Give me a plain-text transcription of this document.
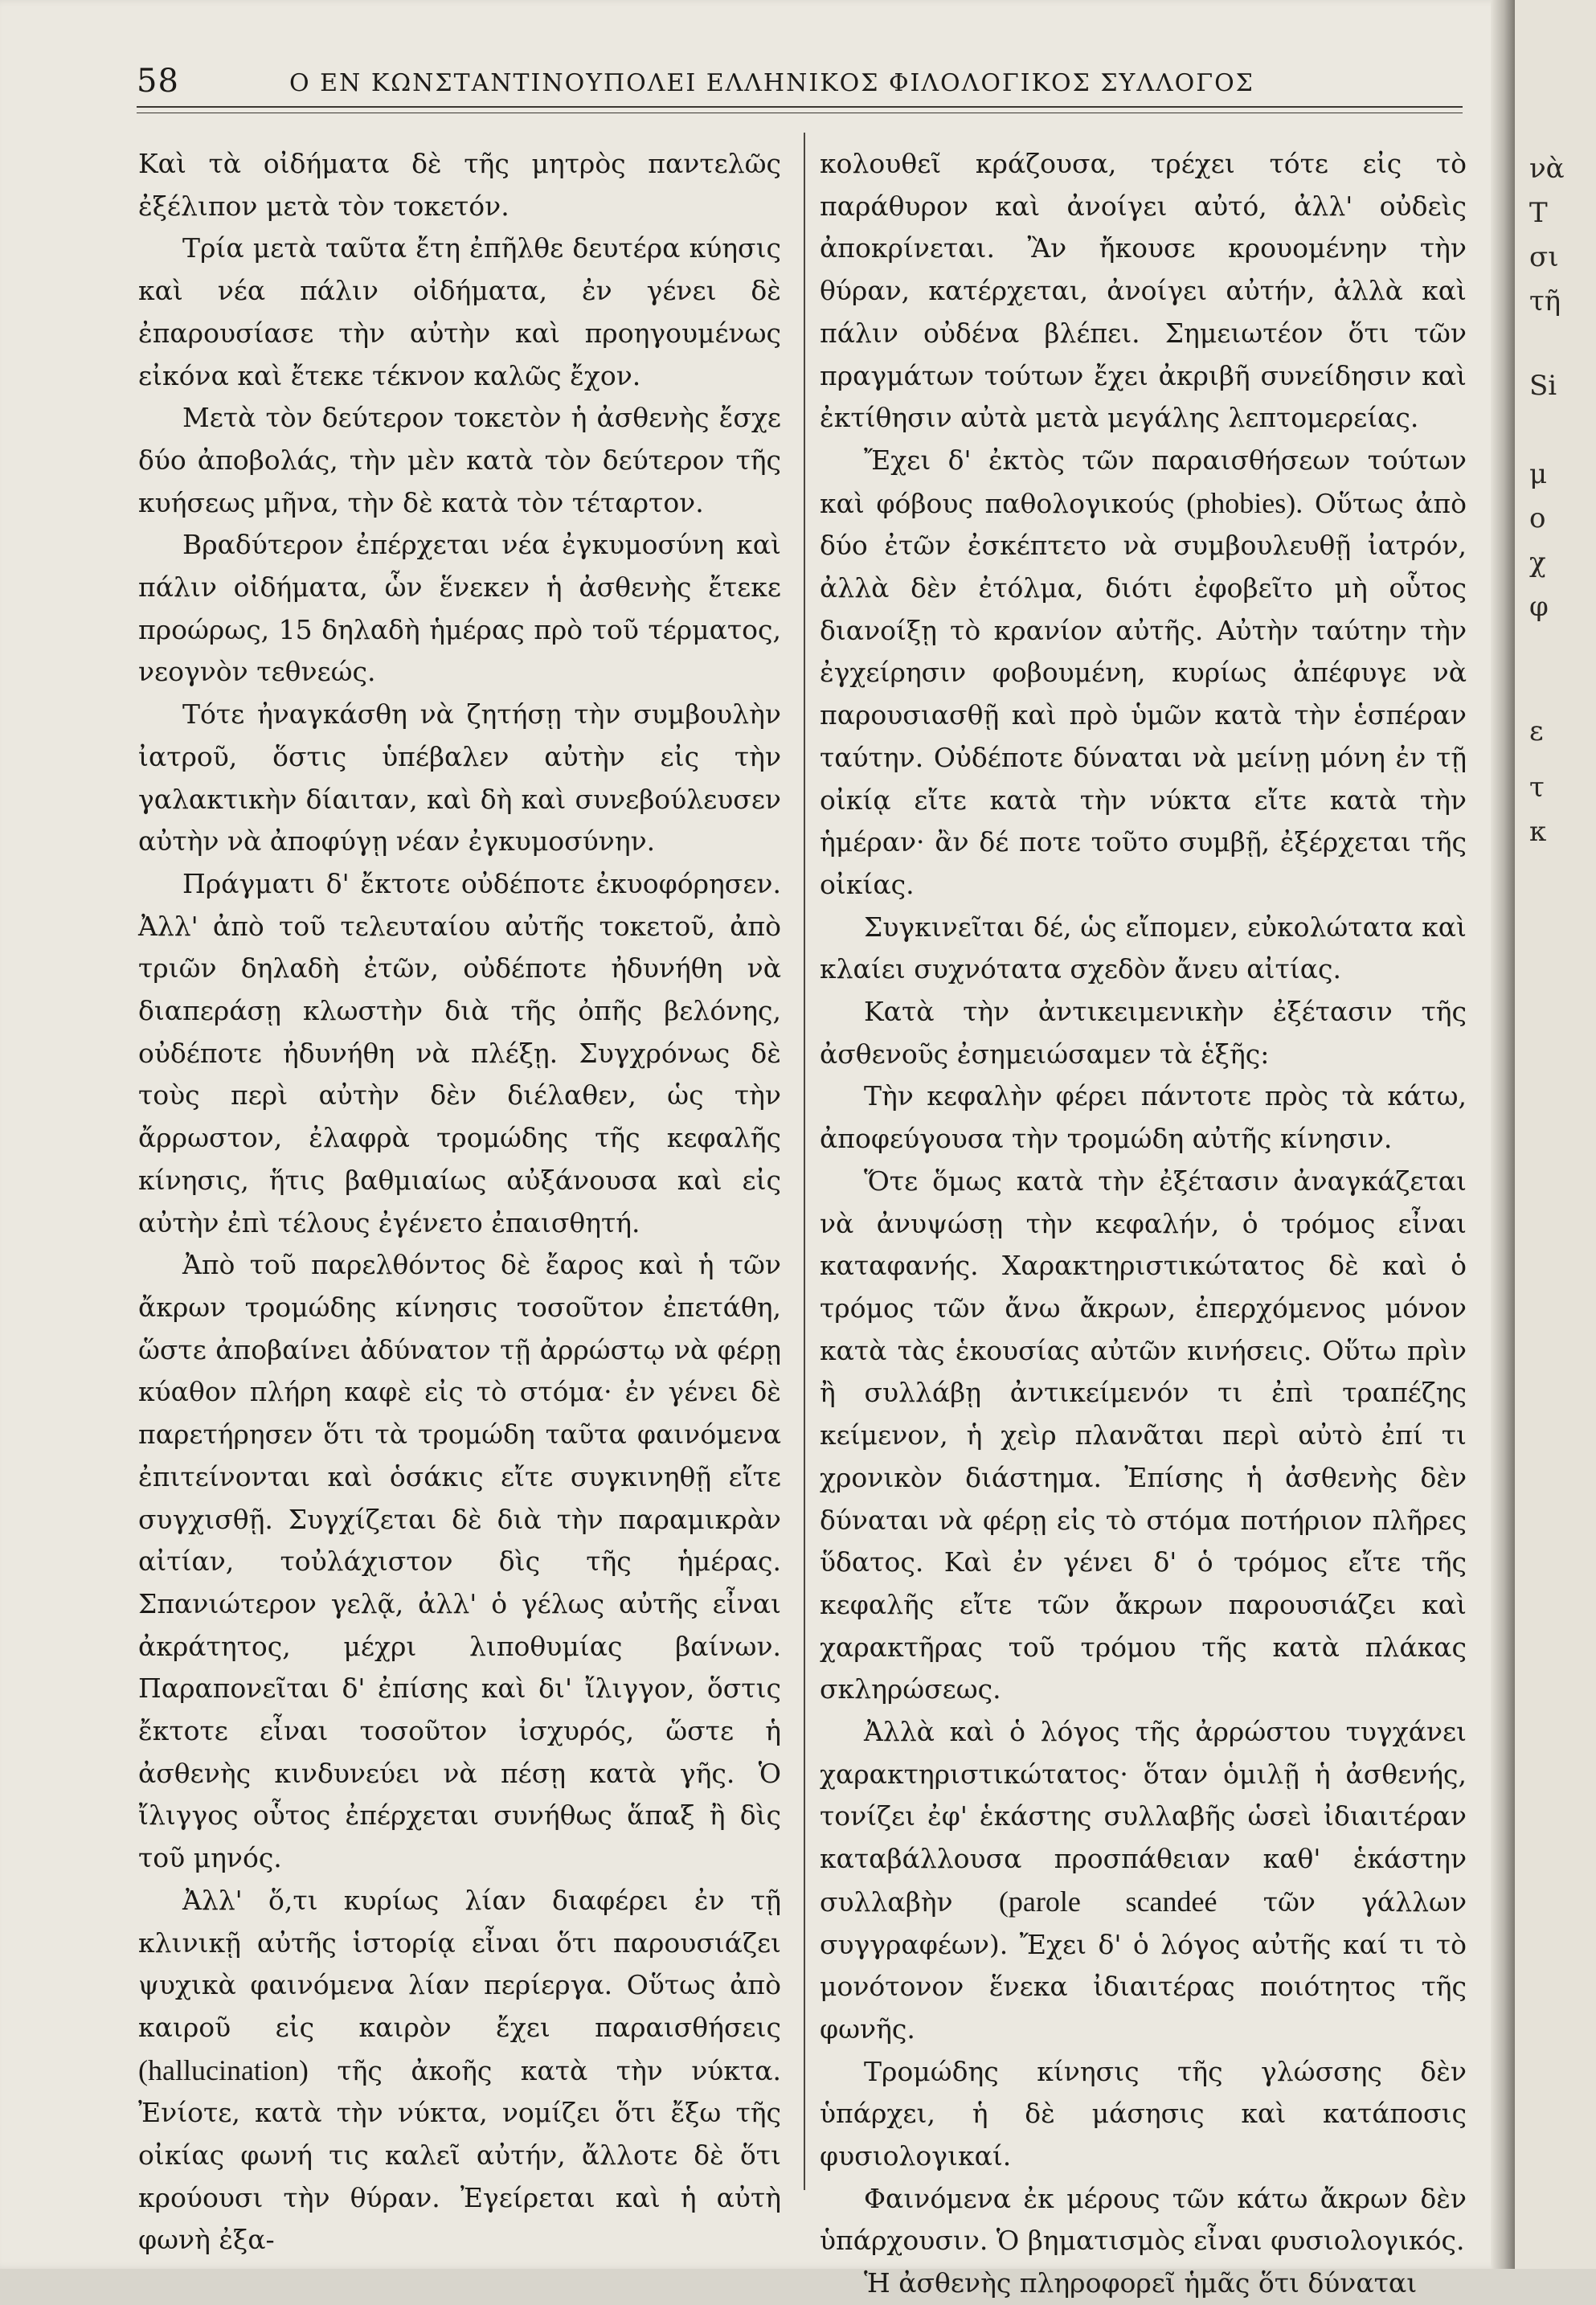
58	Ο ΕΝ ΚΩΝΣΤΑΝΤΙΝΟΥΠΟΛΕΙ ΕΛΛΗΝΙΚΟΣ ΦΙΛΟΛΟΓΙΚΟΣ ΣΥΛΛΟΓΟΣ

Καὶ τὰ οἰδήματα δὲ τῆς μητρὸς παντελῶς ἐξέλιπον μετὰ τὸν τοκετόν.

Τρία μετὰ ταῦτα ἔτη ἐπῆλθε δευτέρα κύησις καὶ νέα πάλιν οἰδήματα, ἐν γένει δὲ ἐπαρουσίασε τὴν αὐτὴν καὶ προηγουμένως εἰκόνα καὶ ἔτεκε τέκνον καλῶς ἔχον.

Μετὰ τὸν δεύτερον τοκετὸν ἡ ἀσθενὴς ἔσχε δύο ἀποβολάς, τὴν μὲν κατὰ τὸν δεύτερον τῆς κυήσεως μῆνα, τὴν δὲ κατὰ τὸν τέταρτον.

Βραδύτερον ἐπέρχεται νέα ἐγκυμοσύνη καὶ πάλιν οἰδήματα, ὧν ἕνεκεν ἡ ἀσθενὴς ἔτεκε προώρως, 15 δηλαδὴ ἡμέρας πρὸ τοῦ τέρματος, νεογνὸν τεθνεώς.

Τότε ἠναγκάσθη νὰ ζητήσῃ τὴν συμβουλὴν ἰατροῦ, ὅστις ὑπέβαλεν αὐτὴν εἰς τὴν γαλακτικὴν δίαιταν, καὶ δὴ καὶ συνεβούλευσεν αὐτὴν νὰ ἀποφύγῃ νέαν ἐγκυμοσύνην.

Πράγματι δ' ἔκτοτε οὐδέποτε ἐκυοφόρησεν. Ἀλλ' ἀπὸ τοῦ τελευταίου αὐτῆς τοκετοῦ, ἀπὸ τριῶν δηλαδὴ ἐτῶν, οὐδέποτε ἠδυνήθη νὰ διαπεράσῃ κλωστὴν διὰ τῆς ὀπῆς βελόνης, οὐδέποτε ἠδυνήθη νὰ πλέξῃ. Συγχρόνως δὲ τοὺς περὶ αὐτὴν δὲν διέλαθεν, ὡς τὴν ἄρρωστον, ἐλαφρὰ τρομώδης τῆς κεφαλῆς κίνησις, ἥτις βαθμιαίως αὐξάνουσα καὶ εἰς αὐτὴν ἐπὶ τέλους ἐγένετο ἐπαισθητή.

Ἀπὸ τοῦ παρελθόντος δὲ ἔαρος καὶ ἡ τῶν ἄκρων τρομώδης κίνησις τοσοῦτον ἐπετάθη, ὥστε ἀποβαίνει ἀδύνατον τῇ ἀρρώστῳ νὰ φέρῃ κύαθον πλήρη καφὲ εἰς τὸ στόμα· ἐν γένει δὲ παρετήρησεν ὅτι τὰ τρομώδη ταῦτα φαινόμενα ἐπιτείνονται καὶ ὁσάκις εἴτε συγκινηθῇ εἴτε συγχισθῇ. Συγχίζεται δὲ διὰ τὴν παραμικρὰν αἰτίαν, τοὐλάχιστον δὶς τῆς ἡμέρας. Σπανιώτερον γελᾷ, ἀλλ' ὁ γέλως αὐτῆς εἶναι ἀκράτητος, μέχρι λιποθυμίας βαίνων. Παραπονεῖται δ' ἐπίσης καὶ δι' ἴλιγγον, ὅστις ἔκτοτε εἶναι τοσοῦτον ἰσχυρός, ὥστε ἡ ἀσθενὴς κινδυνεύει νὰ πέσῃ κατὰ γῆς. Ὁ ἴλιγγος οὗτος ἐπέρχεται συνήθως ἅπαξ ἢ δὶς τοῦ μηνός.

Ἀλλ' ὅ,τι κυρίως λίαν διαφέρει ἐν τῇ κλινικῇ αὐτῆς ἱστορίᾳ εἶναι ὅτι παρουσιάζει ψυχικὰ φαινόμενα λίαν περίεργα. Οὕτως ἀπὸ καιροῦ εἰς καιρὸν ἔχει παραισθήσεις (hallucination) τῆς ἀκοῆς κατὰ τὴν νύκτα. Ἐνίοτε, κατὰ τὴν νύκτα, νομίζει ὅτι ἔξω τῆς οἰκίας φωνή τις καλεῖ αὐτήν, ἄλλοτε δὲ ὅτι κρούουσι τὴν θύραν. Ἐγείρεται καὶ ἡ αὐτὴ φωνὴ ἐξα-

κολουθεῖ κράζουσα, τρέχει τότε εἰς τὸ παράθυρον καὶ ἀνοίγει αὐτό, ἀλλ' οὐδεὶς ἀποκρίνεται. Ἂν ἤκουσε κρουομένην τὴν θύραν, κατέρχεται, ἀνοίγει αὐτήν, ἀλλὰ καὶ πάλιν οὐδένα βλέπει. Σημειωτέον ὅτι τῶν πραγμάτων τούτων ἔχει ἀκριβῆ συνείδησιν καὶ ἐκτίθησιν αὐτὰ μετὰ μεγάλης λεπτομερείας.

Ἔχει δ' ἐκτὸς τῶν παραισθήσεων τούτων καὶ φόβους παθολογικούς (phobies). Οὕτως ἀπὸ δύο ἐτῶν ἐσκέπτετο νὰ συμβουλευθῇ ἰατρόν, ἀλλὰ δὲν ἐτόλμα, διότι ἐφοβεῖτο μὴ οὗτος διανοίξῃ τὸ κρανίον αὐτῆς. Αὐτὴν ταύτην τὴν ἐγχείρησιν φοβουμένη, κυρίως ἀπέφυγε νὰ παρουσιασθῇ καὶ πρὸ ὑμῶν κατὰ τὴν ἑσπέραν ταύτην. Οὐδέποτε δύναται νὰ μείνῃ μόνη ἐν τῇ οἰκίᾳ εἴτε κατὰ τὴν νύκτα εἴτε κατὰ τὴν ἡμέραν· ἂν δέ ποτε τοῦτο συμβῇ, ἐξέρχεται τῆς οἰκίας.

Συγκινεῖται δέ, ὡς εἴπομεν, εὐκολώτατα καὶ κλαίει συχνότατα σχεδὸν ἄνευ αἰτίας.

Κατὰ τὴν ἀντικειμενικὴν ἐξέτασιν τῆς ἀσθενοῦς ἐσημειώσαμεν τὰ ἑξῆς:

Τὴν κεφαλὴν φέρει πάντοτε πρὸς τὰ κάτω, ἀποφεύγουσα τὴν τρομώδη αὐτῆς κίνησιν.

Ὅτε ὅμως κατὰ τὴν ἐξέτασιν ἀναγκάζεται νὰ ἀνυψώσῃ τὴν κεφαλήν, ὁ τρόμος εἶναι καταφανής. Χαρακτηριστικώτατος δὲ καὶ ὁ τρόμος τῶν ἄνω ἄκρων, ἐπερχόμενος μόνον κατὰ τὰς ἑκουσίας αὐτῶν κινήσεις. Οὕτω πρὶν ἢ συλλάβῃ ἀντικείμενόν τι ἐπὶ τραπέζης κείμενον, ἡ χεὶρ πλανᾶται περὶ αὐτὸ ἐπί τι χρονικὸν διάστημα. Ἐπίσης ἡ ἀσθενὴς δὲν δύναται νὰ φέρῃ εἰς τὸ στόμα ποτήριον πλῆρες ὕδατος. Καὶ ἐν γένει δ' ὁ τρόμος εἴτε τῆς κεφαλῆς εἴτε τῶν ἄκρων παρουσιάζει καὶ χαρακτῆρας τοῦ τρόμου τῆς κατὰ πλάκας σκληρώσεως.

Ἀλλὰ καὶ ὁ λόγος τῆς ἀρρώστου τυγχάνει χαρακτηριστικώτατος· ὅταν ὁμιλῇ ἡ ἀσθενής, τονίζει ἐφ' ἑκάστης συλλαβῆς ὡσεὶ ἰδιαιτέραν καταβάλλουσα προσπάθειαν καθ' ἑκάστην συλλαβὴν (parole scandeé τῶν γάλλων συγγραφέων). Ἔχει δ' ὁ λόγος αὐτῆς καί τι τὸ μονότονον ἕνεκα ἰδιαιτέρας ποιότητος τῆς φωνῆς.

Τρομώδης κίνησις τῆς γλώσσης δὲν ὑπάρχει, ἡ δὲ μάσησις καὶ κατάποσις φυσιολογικαί.

Φαινόμενα ἐκ μέρους τῶν κάτω ἄκρων δὲν ὑπάρχουσιν. Ὁ βηματισμὸς εἶναι φυσιολογικός.

Ἡ ἀσθενὴς πληροφορεῖ ἡμᾶς ὅτι δύναται

νὰ
Τ
σι
τῆ
Si
μ
ο
χ
φ
ε
τ
κ
